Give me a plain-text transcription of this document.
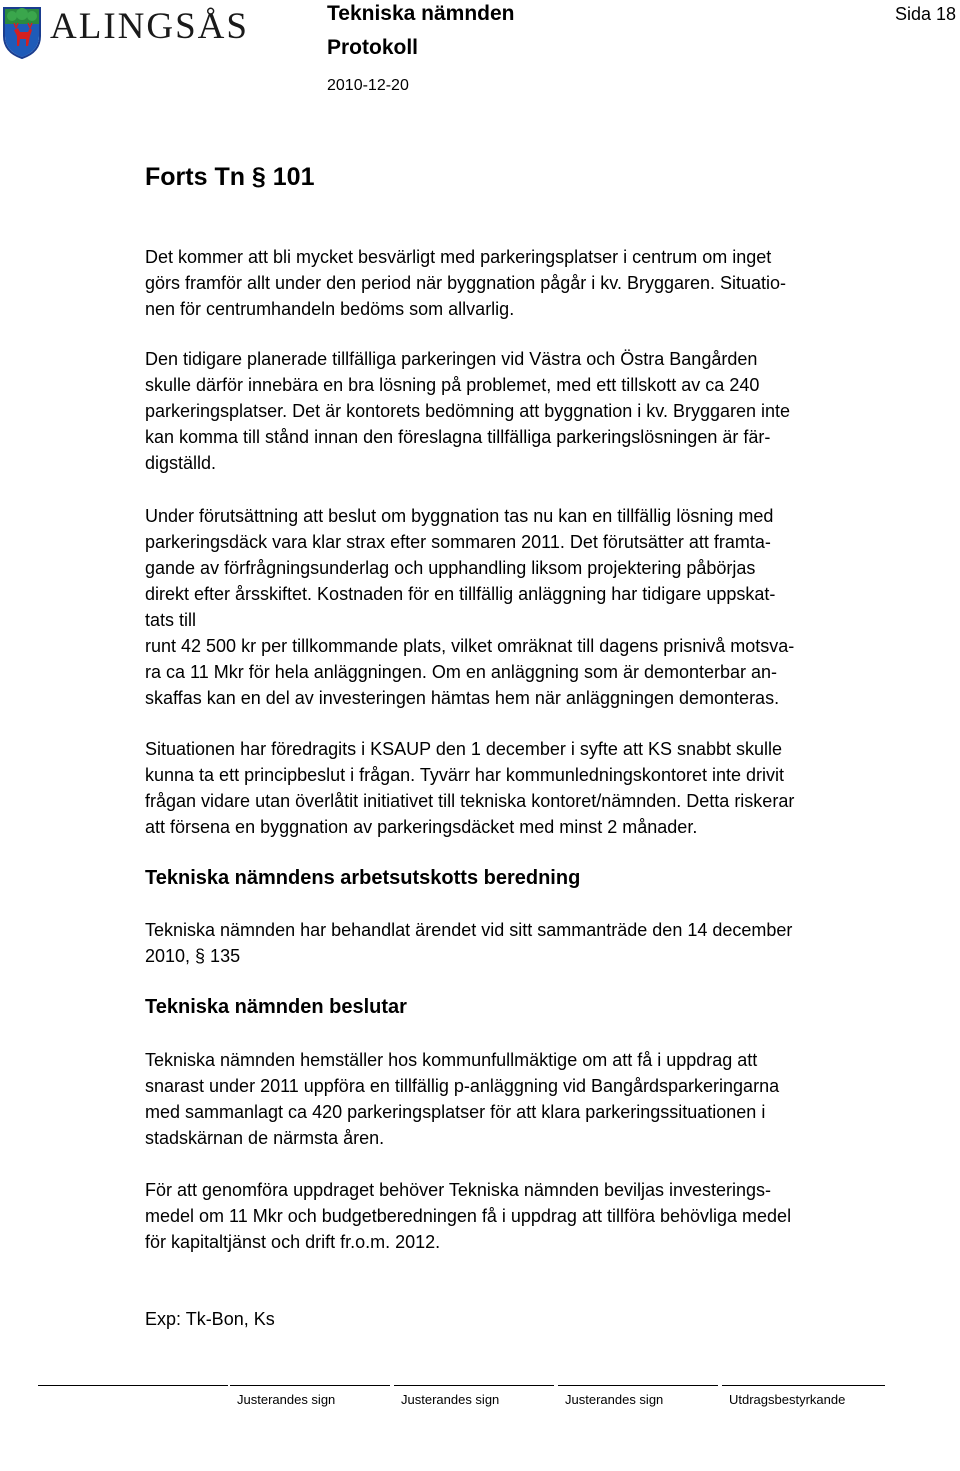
ALINGSÅS	Tekniska nämnden
Protokoll
2010-12-20
Sida 18
Forts Tn § 101

Det kommer att bli mycket besvärligt med parkeringsplatser i centrum om inget
görs framför allt under den period när byggnation pågår i kv. Bryggaren. Situatio-
nen för centrumhandeln bedöms som allvarlig.

Den tidigare planerade tillfälliga parkeringen vid Västra och Östra Bangården
skulle därför innebära en bra lösning på problemet, med ett tillskott av ca 240
parkeringsplatser. Det är kontorets bedömning att byggnation i kv. Bryggaren inte
kan komma till stånd innan den föreslagna tillfälliga parkeringslösningen är fär-
digställd.

Under förutsättning att beslut om byggnation tas nu kan en tillfällig lösning med
parkeringsdäck vara klar strax efter sommaren 2011. Det förutsätter att framta-
gande av förfrågningsunderlag och upphandling liksom projektering påbörjas
direkt efter årsskiftet. Kostnaden för en tillfällig anläggning har tidigare uppskat-
tats till
runt 42 500 kr per tillkommande plats, vilket omräknat till dagens prisnivå motsva-
ra ca 11 Mkr för hela anläggningen. Om en anläggning som är demonterbar an-
skaffas kan en del av investeringen hämtas hem när anläggningen demonteras.

Situationen har föredragits i KSAUP den 1 december i syfte att KS snabbt skulle
kunna ta ett principbeslut i frågan. Tyvärr har kommunledningskontoret inte drivit
frågan vidare utan överlåtit initiativet till tekniska kontoret/nämnden. Detta riskerar
att försena en byggnation av parkeringsdäcket med minst 2 månader.

Tekniska nämndens arbetsutskotts beredning

Tekniska nämnden har behandlat ärendet vid sitt sammanträde den 14 december
2010, § 135

Tekniska nämnden beslutar

Tekniska nämnden hemställer hos kommunfullmäktige om att få i uppdrag att
snarast under 2011 uppföra en tillfällig p-anläggning vid Bangårdsparkeringarna
med sammanlagt ca 420 parkeringsplatser för att klara parkeringssituationen i
stadskärnan de närmsta åren.

För att genomföra uppdraget behöver Tekniska nämnden beviljas investerings-
medel om 11 Mkr och budgetberedningen få i uppdrag att tillföra behövliga medel
för kapitaltjänst och drift fr.o.m. 2012.

Exp: Tk-Bon, Ks

Justerandes sign	Justerandes sign	Justerandes sign	Utdragsbestyrkande
